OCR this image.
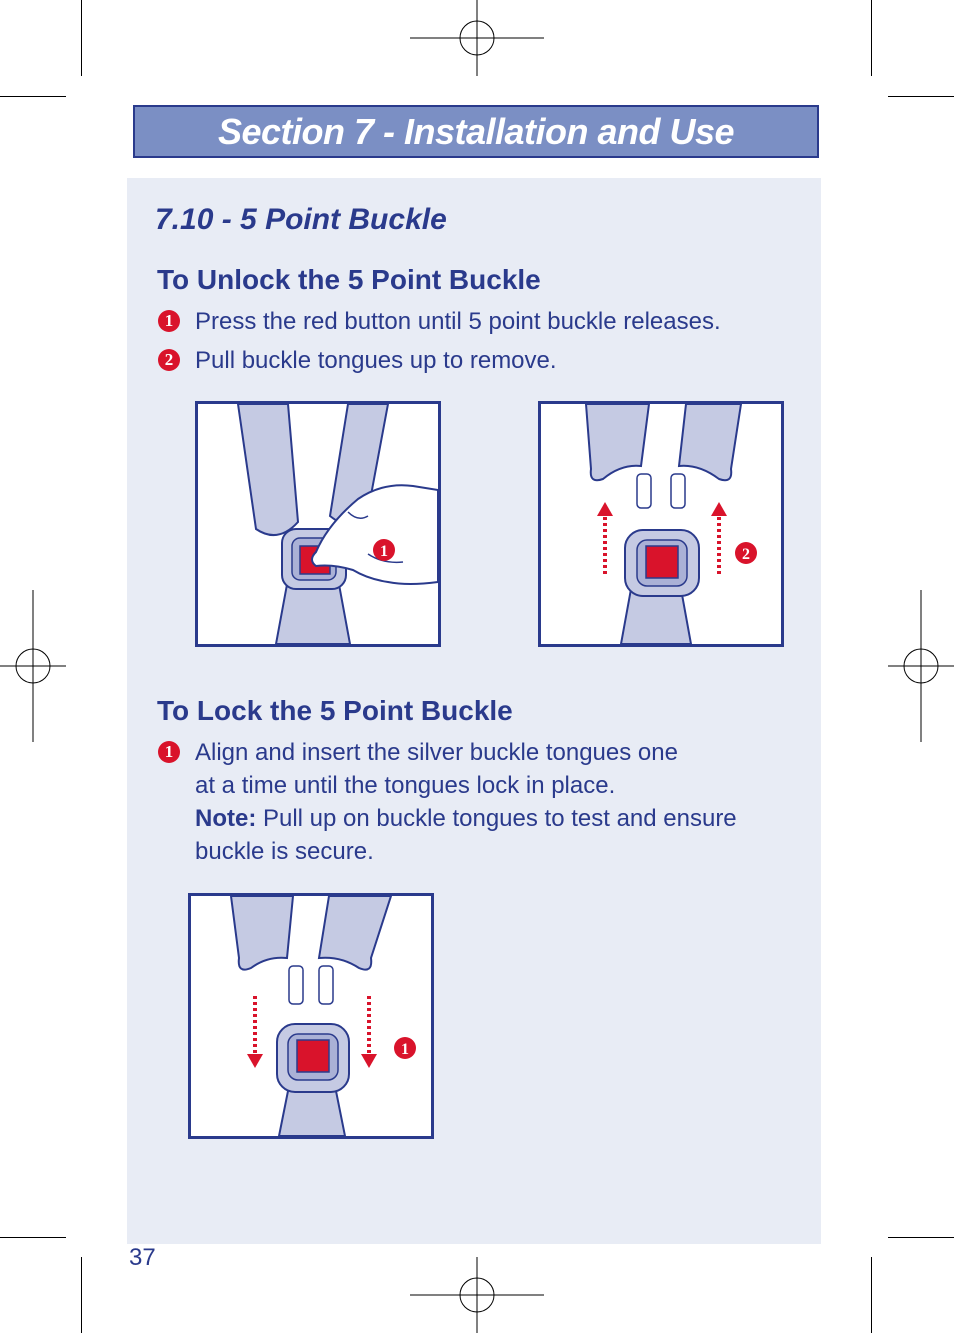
Section 7 - Installation and Use
7.10 - 5 Point Buckle
To Unlock the 5 Point Buckle
1 Press the red button until 5 point buckle releases.
2 Pull buckle tongues up to remove.
1	2
To Lock the 5 Point Buckle
1 Align and insert the silver buckle tongues one
at a time until the tongues lock in place.
Note: Pull up on buckle tongues to test and ensure
buckle is secure.
1
37
